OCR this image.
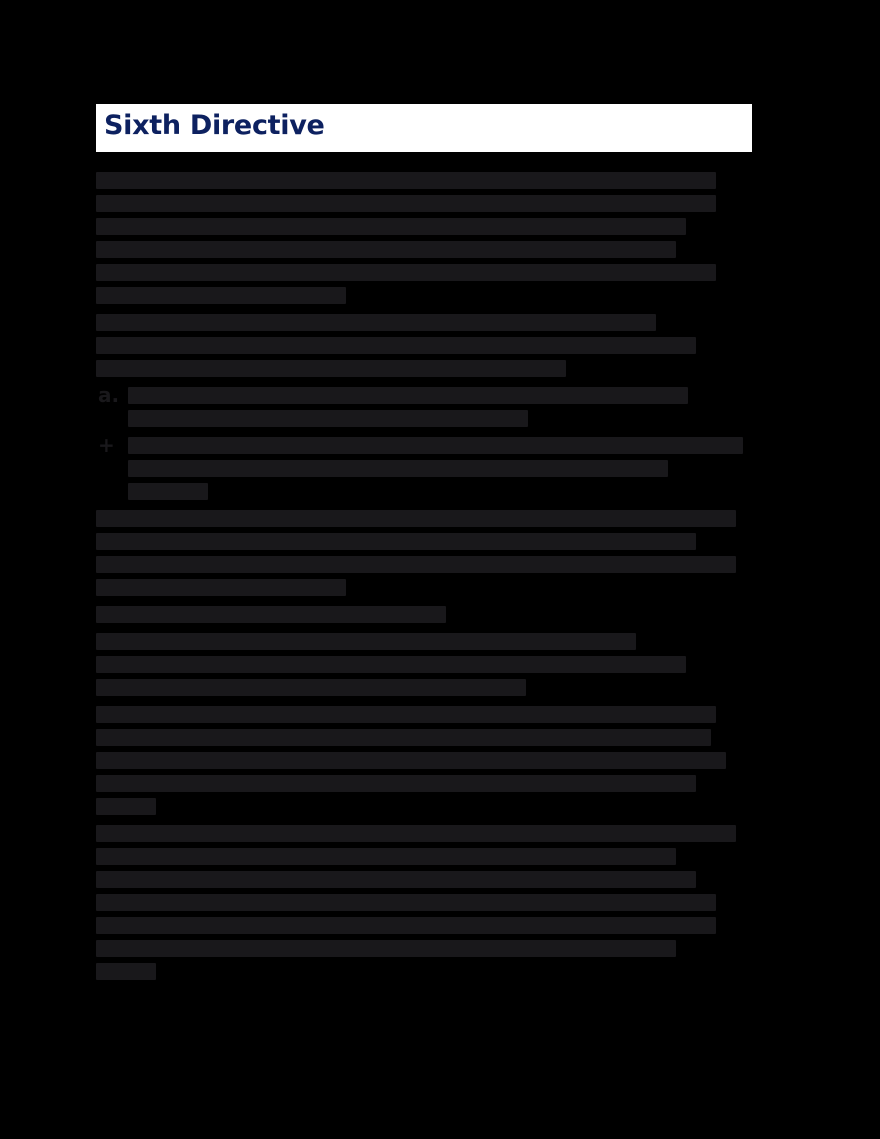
Sixth Directive
a.
+
